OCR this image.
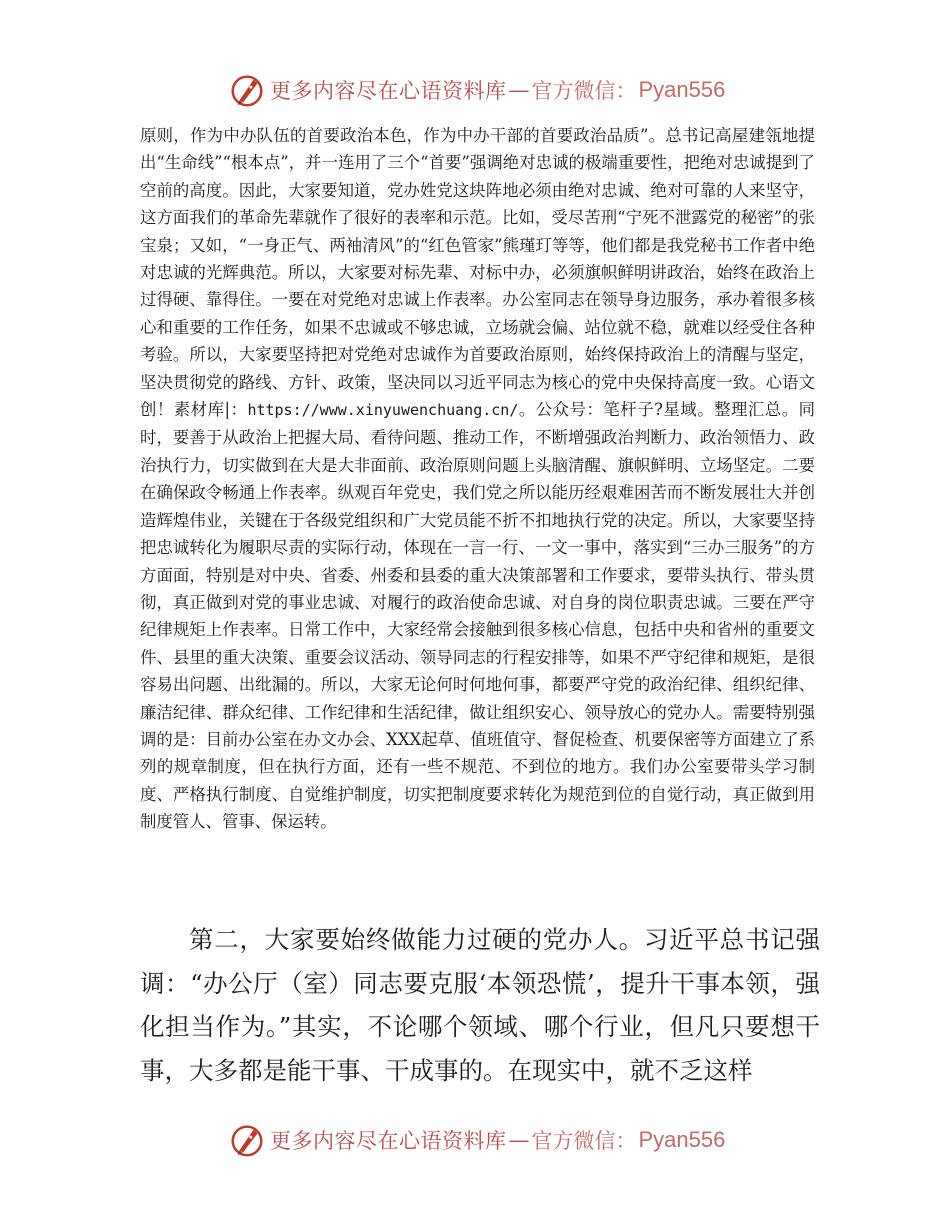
更多内容尽在心语资料库 — 官方微信： Pyan556

原则，作为中办队伍的首要政治本色，作为中办干部的首要政治品质”。总书记高屋建瓴地提出“生命线”“根本点”，并一连用了三个“首要”强调绝对忠诚的极端重要性，把绝对忠诚提到了空前的高度。因此，大家要知道，党办姓党这块阵地必须由绝对忠诚、绝对可靠的人来坚守，这方面我们的革命先辈就作了很好的表率和示范。比如，受尽苦刑“宁死不泄露党的秘密”的张宝泉；又如，“一身正气、两袖清风”的“红色管家”熊瑾玎等等，他们都是我党秘书工作者中绝对忠诚的光辉典范。所以，大家要对标先辈、对标中办，必须旗帜鲜明讲政治，始终在政治上过得硬、靠得住。一要在对党绝对忠诚上作表率。办公室同志在领导身边服务，承办着很多核心和重要的工作任务，如果不忠诚或不够忠诚，立场就会偏、站位就不稳，就难以经受住各种考验。所以，大家要坚持把对党绝对忠诚作为首要政治原则，始终保持政治上的清醒与坚定，坚决贯彻党的路线、方针、政策，坚决同以习近平同志为核心的党中央保持高度一致。心语文创！素材库|：https://www.xinyuwenchuang.cn/。公众号：笔杆子?星域。整理汇总。同时，要善于从政治上把握大局、看待问题、推动工作，不断增强政治判断力、政治领悟力、政治执行力，切实做到在大是大非面前、政治原则问题上头脑清醒、旗帜鲜明、立场坚定。二要在确保政令畅通上作表率。纵观百年党史，我们党之所以能历经艰难困苦而不断发展壮大并创造辉煌伟业，关键在于各级党组织和广大党员能不折不扣地执行党的决定。所以，大家要坚持把忠诚转化为履职尽责的实际行动，体现在一言一行、一文一事中，落实到“三办三服务”的方方面面，特别是对中央、省委、州委和县委的重大决策部署和工作要求，要带头执行、带头贯彻，真正做到对党的事业忠诚、对履行的政治使命忠诚、对自身的岗位职责忠诚。三要在严守纪律规矩上作表率。日常工作中，大家经常会接触到很多核心信息，包括中央和省州的重要文件、县里的重大决策、重要会议活动、领导同志的行程安排等，如果不严守纪律和规矩，是很容易出问题、出纰漏的。所以，大家无论何时何地何事，都要严守党的政治纪律、组织纪律、廉洁纪律、群众纪律、工作纪律和生活纪律，做让组织安心、领导放心的党办人。需要特别强调的是：目前办公室在办文办会、XXX起草、值班值守、督促检查、机要保密等方面建立了系列的规章制度，但在执行方面，还有一些不规范、不到位的地方。我们办公室要带头学习制度、严格执行制度、自觉维护制度，切实把制度要求转化为规范到位的自觉行动，真正做到用制度管人、管事、保运转。

第二，大家要始终做能力过硬的党办人。习近平总书记强调：“办公厅（室）同志要克服‘本领恐慌’，提升干事本领，强化担当作为。”其实，不论哪个领域、哪个行业，但凡只要想干事，大多都是能干事、干成事的。在现实中，就不乏这样

更多内容尽在心语资料库 — 官方微信： Pyan556
